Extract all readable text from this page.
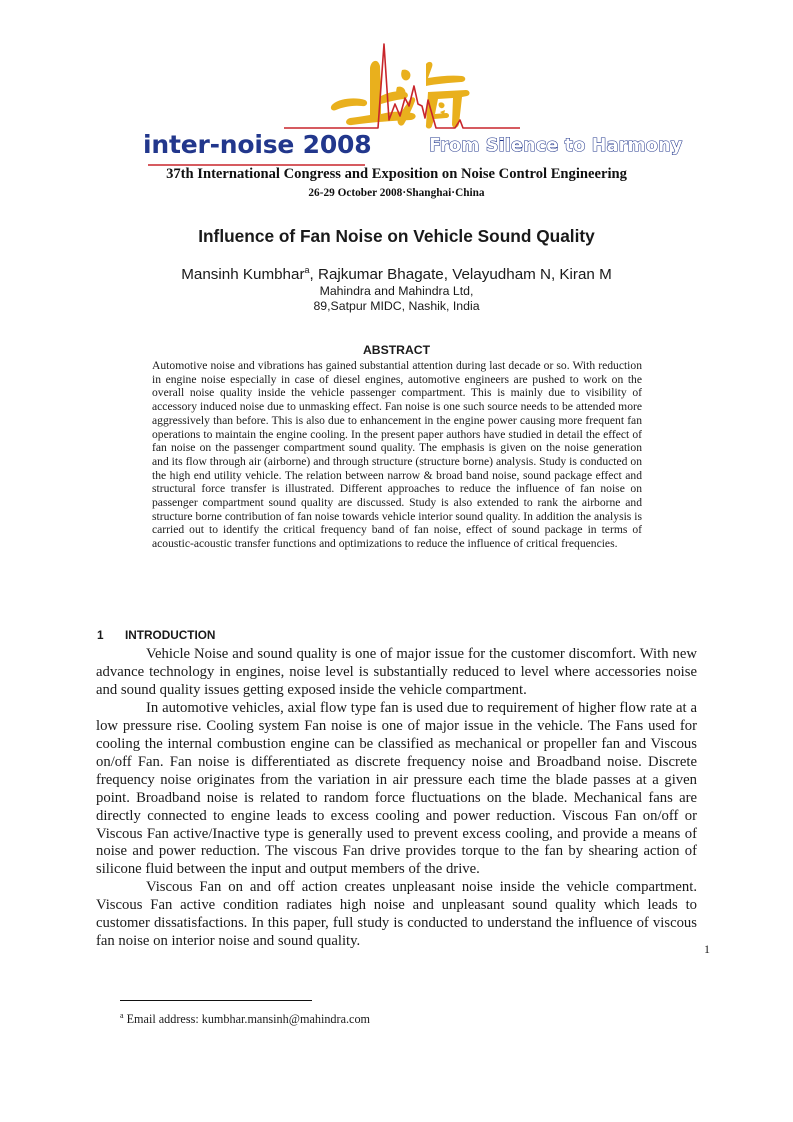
inter-noise 2008	From Silence to Harmony
37th International Congress and Exposition on Noise Control Engineering
26-29 October 2008·Shanghai·China
Influence of Fan Noise on Vehicle Sound Quality
Mansinh Kumbhar$^a$, Rajkumar Bhagate, Velayudham N, Kiran M
Mahindra and Mahindra Ltd,
89,Satpur MIDC, Nashik, India
ABSTRACT

Automotive noise and vibrations has gained substantial attention during last decade or so. With reduction in engine noise especially in case of diesel engines, automotive engineers are pushed to work on the overall noise quality inside the vehicle passenger compartment. This is mainly due to visibility of accessory induced noise due to unmasking effect. Fan noise is one such source needs to be attended more aggressively than before. This is also due to enhancement in the engine power causing more frequent fan operations to maintain the engine cooling. In the present paper authors have studied in detail the effect of fan noise on the passenger compartment sound quality. The emphasis is given on the noise generation and its flow through air (airborne) and through structure (structure borne) analysis. Study is conducted on the high end utility vehicle. The relation between narrow & broad band noise, sound package effect and structural force transfer is illustrated. Different approaches to reduce the influence of fan noise on passenger compartment sound quality are discussed. Study is also extended to rank the airborne and structure borne contribution of fan noise towards vehicle interior sound quality. In addition the analysis is carried out to identify the critical frequency band of fan noise, effect of sound package in terms of acoustic-acoustic transfer functions and optimizations to reduce the influence of critical frequencies.

1 INTRODUCTION

Vehicle Noise and sound quality is one of major issue for the customer discomfort. With new advance technology in engines, noise level is substantially reduced to level where accessories noise and sound quality issues getting exposed inside the vehicle compartment.

In automotive vehicles, axial flow type fan is used due to requirement of higher flow rate at a low pressure rise. Cooling system Fan noise is one of major issue in the vehicle. The Fans used for cooling the internal combustion engine can be classified as mechanical or propeller fan and Viscous on/off Fan. Fan noise is differentiated as discrete frequency noise and Broadband noise. Discrete frequency noise originates from the variation in air pressure each time the blade passes at a given point. Broadband noise is related to random force fluctuations on the blade. Mechanical fans are directly connected to engine leads to excess cooling and power reduction. Viscous Fan on/off or Viscous Fan active/Inactive type is generally used to prevent excess cooling, and provide a means of noise and power reduction. The viscous Fan drive provides torque to the fan by shearing action of silicone fluid between the input and output members of the drive.

Viscous Fan on and off action creates unpleasant noise inside the vehicle compartment. Viscous Fan active condition radiates high noise and unpleasant sound quality which leads to customer dissatisfactions. In this paper, full study is conducted to understand the influence of viscous fan noise on interior noise and sound quality.	1
$^a$ Email address: kumbhar.mansinh@mahindra.com
